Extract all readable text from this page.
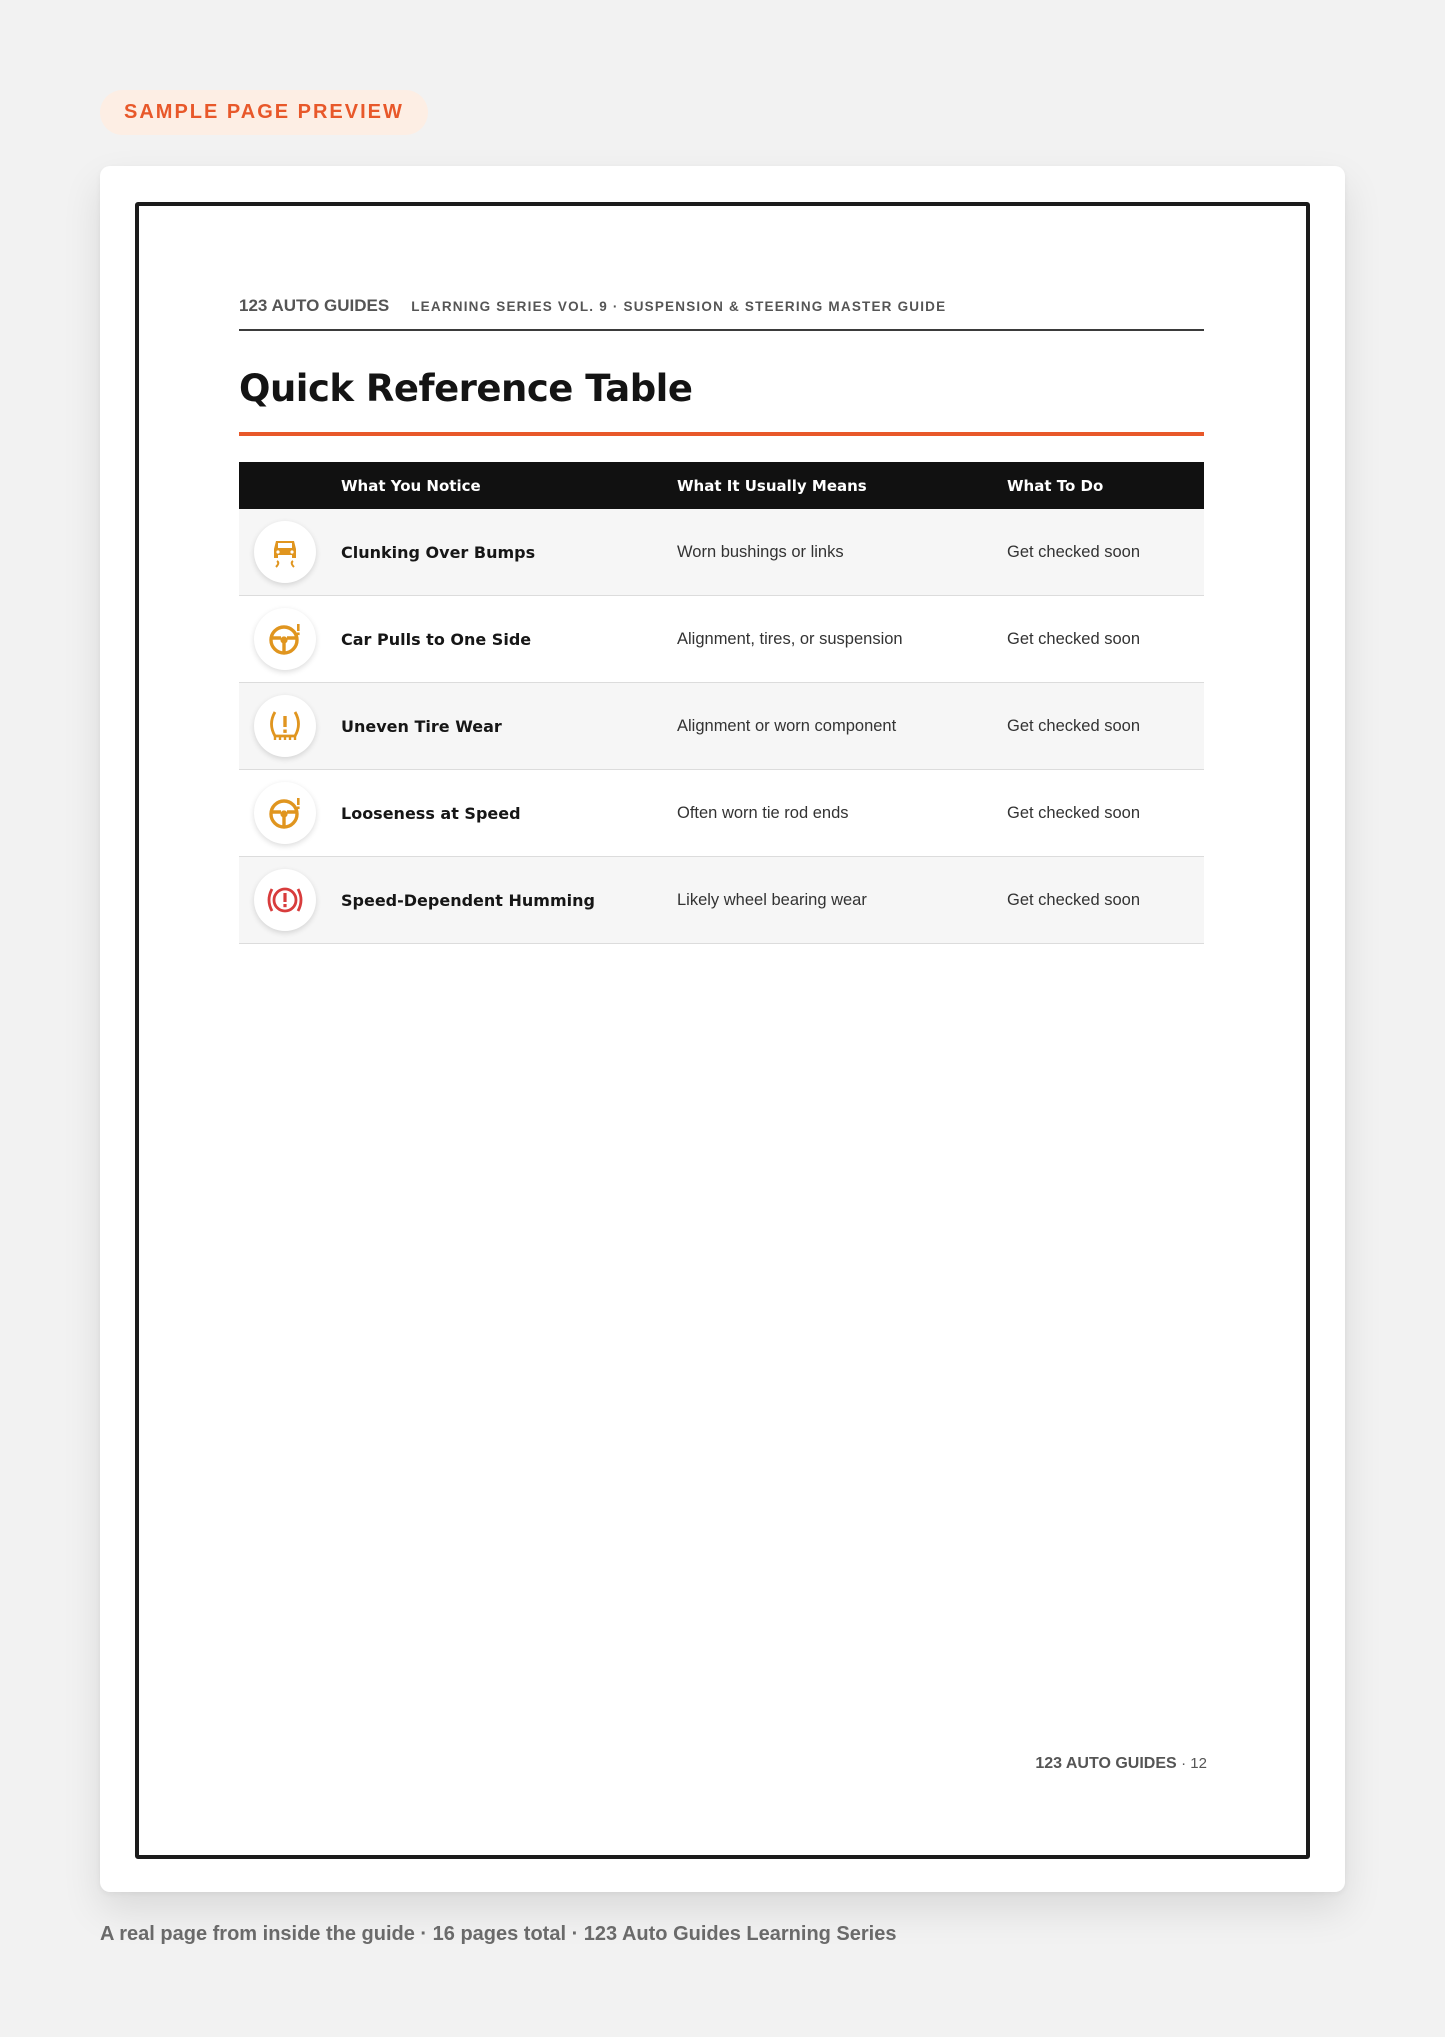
SAMPLE PAGE PREVIEW
123 AUTO GUIDES LEARNING SERIES VOL. 9 · SUSPENSION & STEERING MASTER GUIDE
Quick Reference Table
	What You Notice	What It Usually Means	What To Do

	Clunking Over Bumps	Worn bushings or links	Get checked soon

	Car Pulls to One Side	Alignment, tires, or suspension	Get checked soon

	Uneven Tire Wear	Alignment or worn component	Get checked soon

	Looseness at Speed	Often worn tie rod ends	Get checked soon

	Speed-Dependent Humming	Likely wheel bearing wear	Get checked soon
123 AUTO GUIDES · 12
A real page from inside the guide · 16 pages total · 123 Auto Guides Learning Series
